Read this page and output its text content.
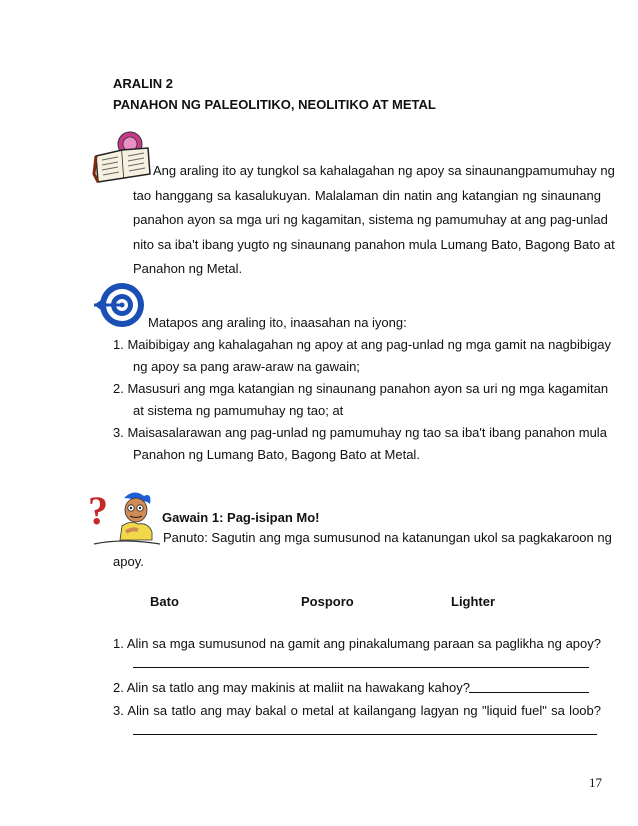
ARALIN 2
PANAHON NG PALEOLITIKO, NEOLITIKO AT METAL
Ang araling ito ay tungkol sa kahalagahan ng apoy sa sinaunangpamumuhay ng
tao hanggang sa kasalukuyan. Malalaman din natin ang katangian ng sinaunang
panahon ayon sa mga uri ng kagamitan, sistema ng pamumuhay at ang pag-unlad
nito sa iba't ibang yugto ng sinaunang panahon mula Lumang Bato, Bagong Bato at
Panahon ng Metal.
Matapos ang araling ito, inaasahan na iyong:
1. Maibibigay ang kahalagahan ng apoy at ang pag-unlad ng mga gamit na nagbibigay
ng apoy sa pang araw-araw na gawain;
2. Masusuri ang mga katangian ng sinaunang panahon ayon sa uri ng mga kagamitan
at sistema ng pamumuhay ng tao; at
3. Maisasalarawan ang pag-unlad ng pamumuhay ng tao sa iba't ibang panahon mula
Panahon ng Lumang Bato, Bagong Bato at Metal.
?	Gawain 1: Pag-isipan Mo!
Panuto: Sagutin ang mga sumusunod na katanungan ukol sa pagkakaroon ng
apoy.
Bato	Posporo	Lighter
1. Alin sa mga sumusunod na gamit ang pinakalumang paraan sa paglikha ng apoy?
2. Alin sa tatlo ang may makinis at maliit na hawakang kahoy?
3. Alin sa tatlo ang may bakal o metal at kailangang lagyan ng "liquid fuel" sa loob?
17
